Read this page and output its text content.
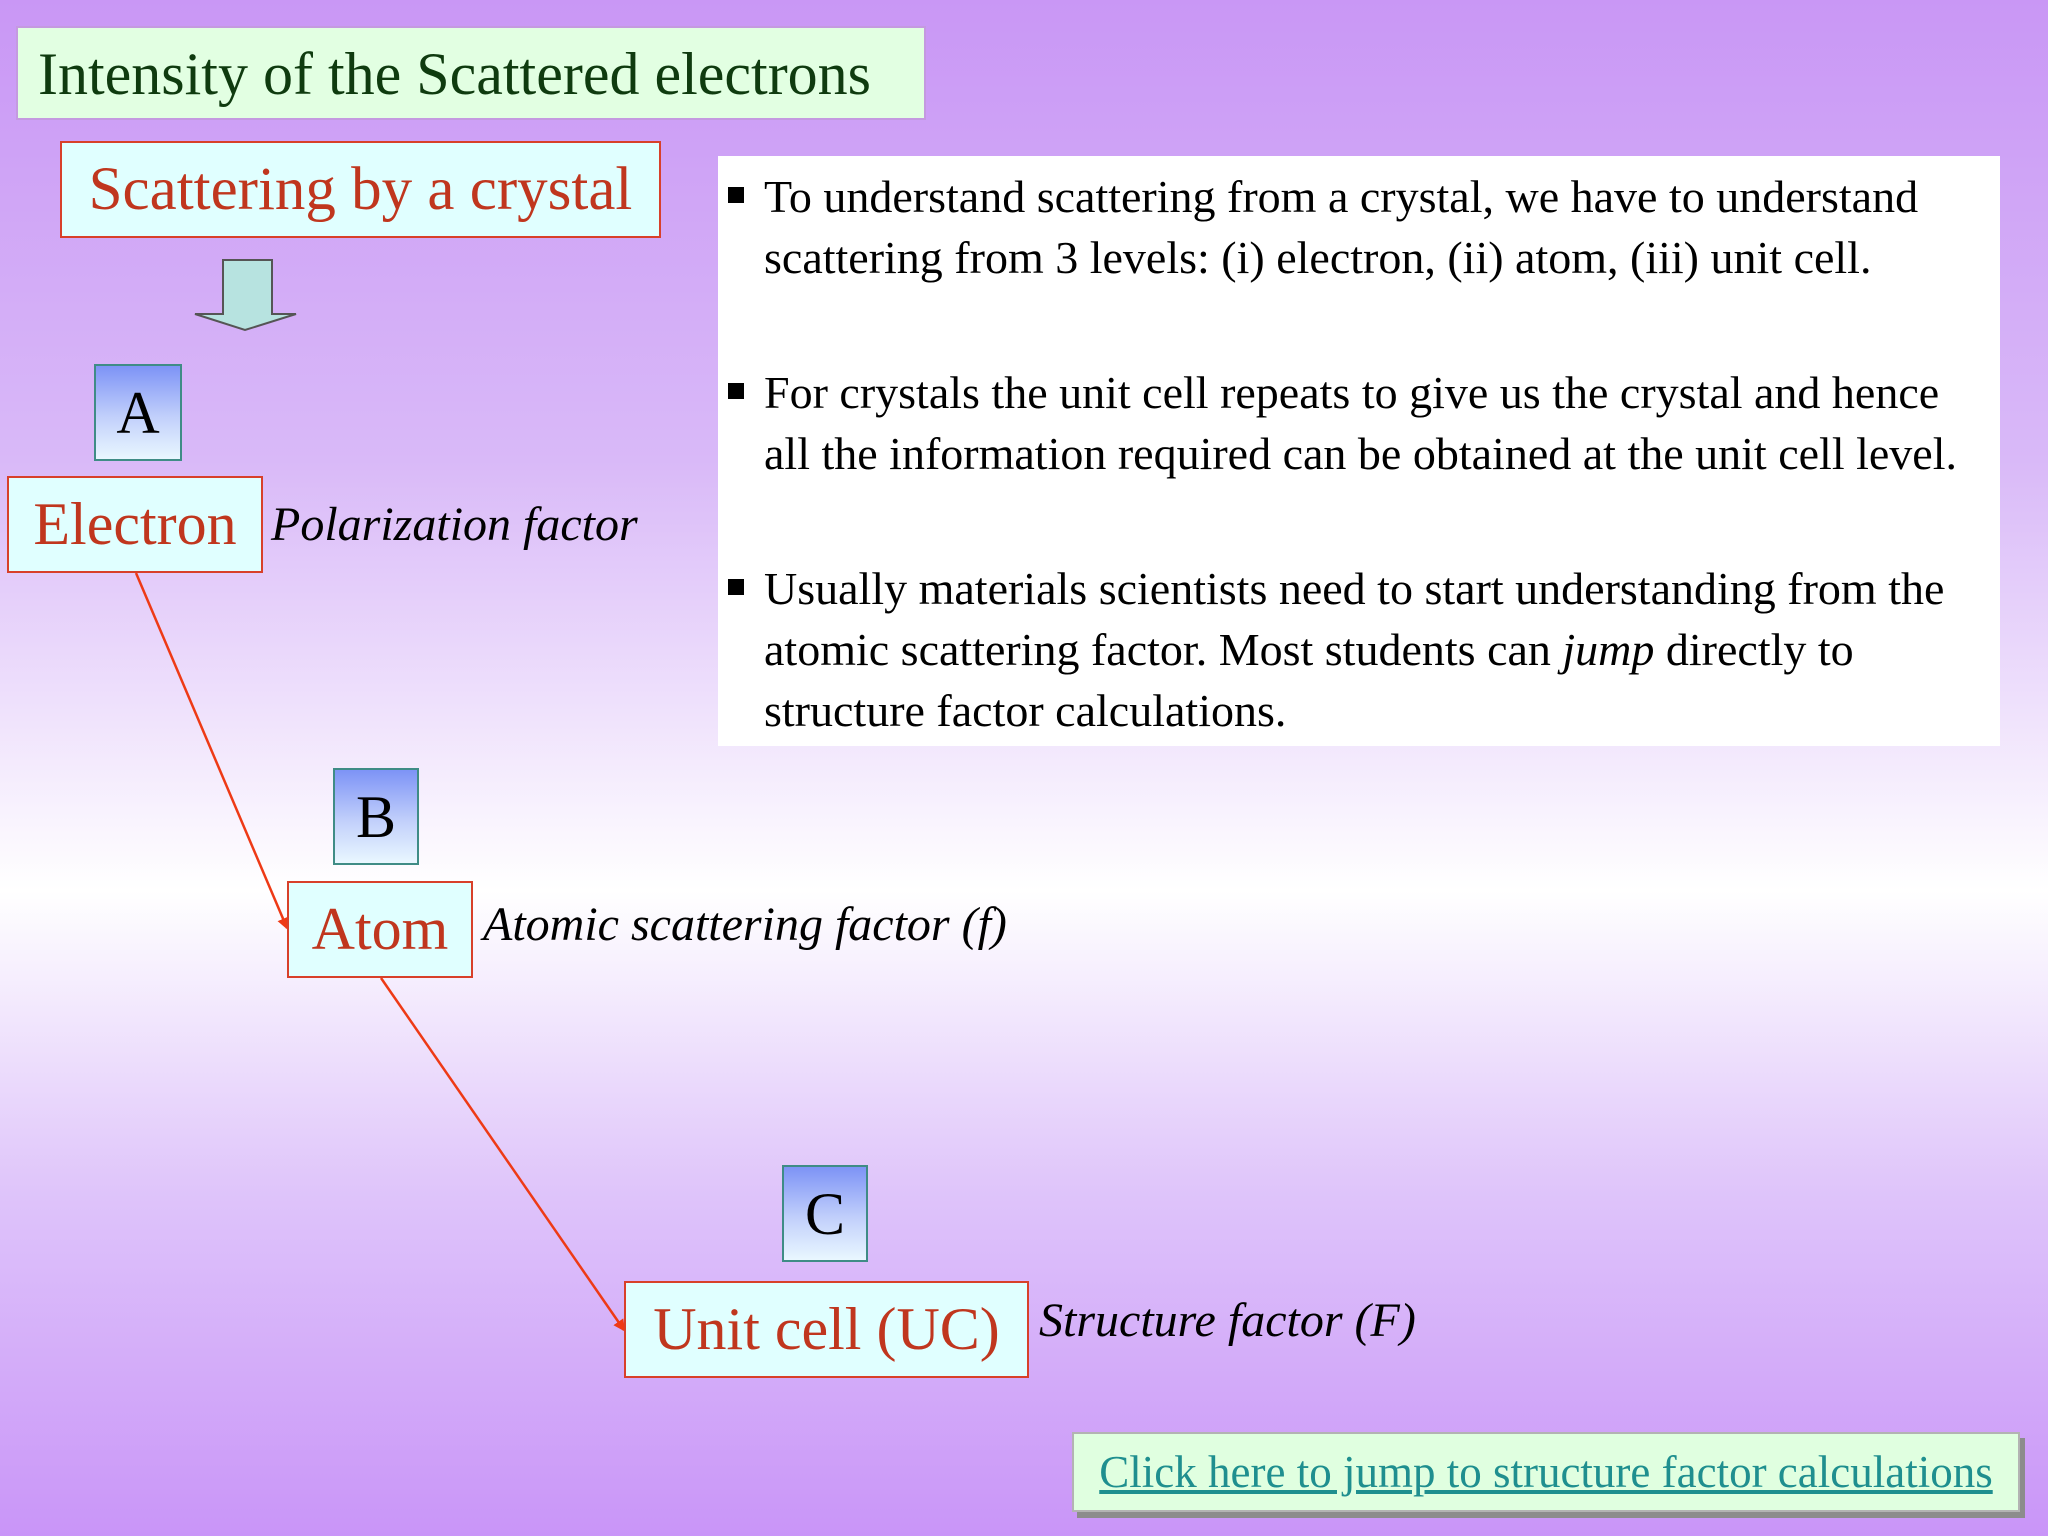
Intensity of the Scattered electrons
Scattering by a crystal
A
Electron Polarization factor
B
Atom Atomic scattering factor (f)
C
Unit cell (UC) Structure factor (F)
To understand scattering from a crystal, we have to understand scattering from 3 levels: (i) electron, (ii) atom, (iii) unit cell.
For crystals the unit cell repeats to give us the crystal and hence all the information required can be obtained at the unit cell level.
Usually materials scientists need to start understanding from the atomic scattering factor. Most students can jump directly to structure factor calculations.
Click here to jump to structure factor calculations
